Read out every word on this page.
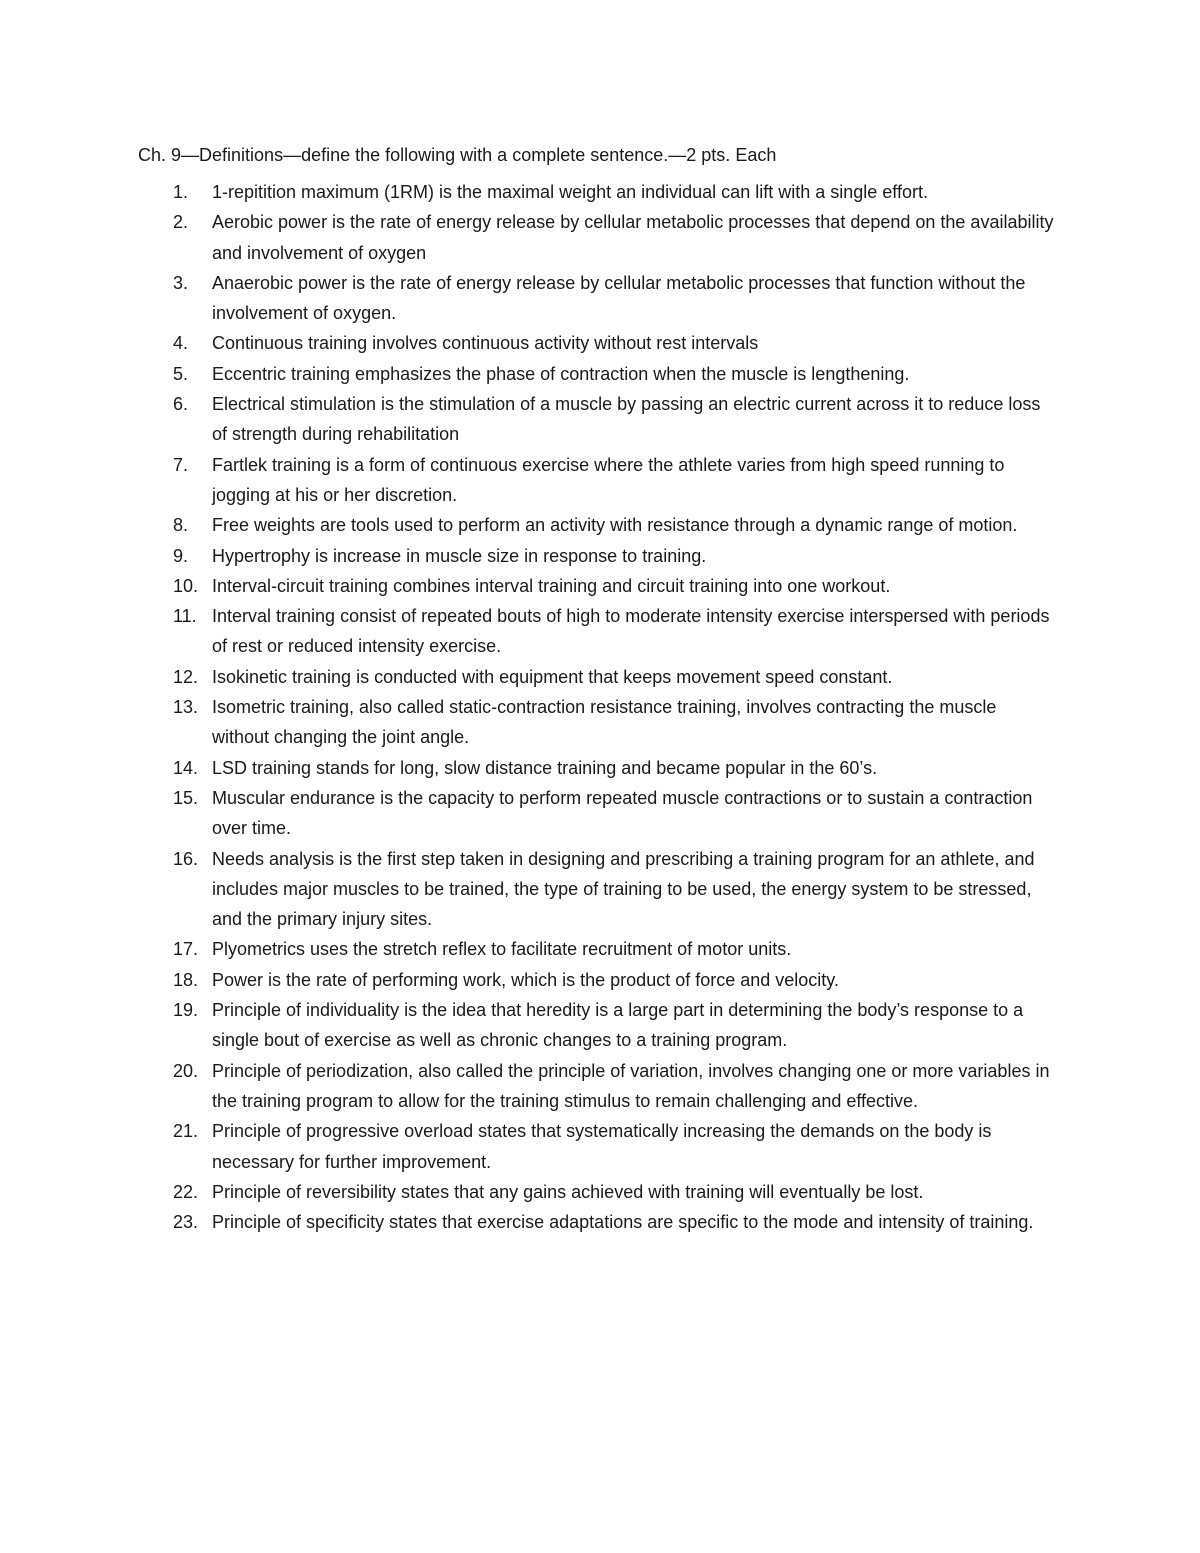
Ch. 9—Definitions—define the following with a complete sentence.—2 pts. Each

1.	1-repitition maximum (1RM) is the maximal weight an individual can lift with a single effort.
2.	Aerobic power is the rate of energy release by cellular metabolic processes that depend on the availability and involvement of oxygen
3.	Anaerobic power is the rate of energy release by cellular metabolic processes that function without the involvement of oxygen.
4.	Continuous training involves continuous activity without rest intervals
5.	Eccentric training emphasizes the phase of contraction when the muscle is lengthening.
6.	Electrical stimulation is the stimulation of a muscle by passing an electric current across it to reduce loss of strength during rehabilitation
7.	Fartlek training is a form of continuous exercise where the athlete varies from high speed running to jogging at his or her discretion.
8.	Free weights are tools used to perform an activity with resistance through a dynamic range of motion.
9.	Hypertrophy is increase in muscle size in response to training.
10. Interval-circuit training combines interval training and circuit training into one workout.
11. Interval training consist of repeated bouts of high to moderate intensity exercise interspersed with periods of rest or reduced intensity exercise.
12. Isokinetic training is conducted with equipment that keeps movement speed constant.
13. Isometric training, also called static-contraction resistance training, involves contracting the muscle without changing the joint angle.
14. LSD training stands for long, slow distance training and became popular in the 60’s.
15. Muscular endurance is the capacity to perform repeated muscle contractions or to sustain a contraction over time.
16. Needs analysis is the first step taken in designing and prescribing a training program for an athlete, and includes major muscles to be trained, the type of training to be used, the energy system to be stressed, and the primary injury sites.
17. Plyometrics uses the stretch reflex to facilitate recruitment of motor units.
18. Power is the rate of performing work, which is the product of force and velocity.
19. Principle of individuality is the idea that heredity is a large part in determining the body’s response to a single bout of exercise as well as chronic changes to a training program.
20. Principle of periodization, also called the principle of variation, involves changing one or more variables in the training program to allow for the training stimulus to remain challenging and effective.
21. Principle of progressive overload states that systematically increasing the demands on the body is necessary for further improvement.
22. Principle of reversibility states that any gains achieved with training will eventually be lost.
23. Principle of specificity states that exercise adaptations are specific to the mode and intensity of training.
